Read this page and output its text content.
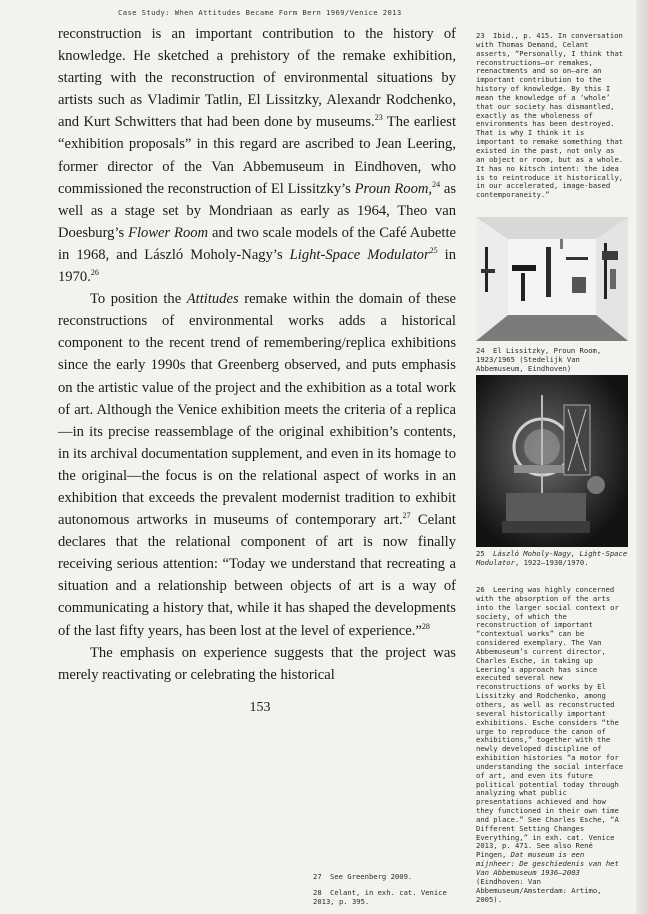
Case Study: When Attitudes Became Form Bern 1969/Venice 2013

reconstruction is an important contribution to the history of knowledge. He sketched a prehistory of the remake exhibition, starting with the reconstruction of environmental situations by artists such as Vladimir Tatlin, El Lissitzky, Alexandr Rodchenko, and Kurt Schwitters that had been done by museums.$^{23}$ The earliest “exhibition proposals” in this regard are ascribed to Jean Leering, former director of the Van Abbemuseum in Eindhoven, who commissioned the reconstruction of El Lissitzky’s Proun Room,$^{24}$ as well as a stage set by Mondriaan as early as 1964, Theo van Doesburg’s Flower Room and two scale models of the Café Aubette in 1968, and László Moholy-Nagy’s Light-Space Modulator$^{25}$ in 1970.26

To position the Attitudes remake within the domain of these reconstructions of environmental works adds a historical component to the recent trend of remembering/replica exhibitions since the early 1990s that Greenberg observed, and puts emphasis on the artistic value of the project and the exhibition as a total work of art. Although the Venice exhibition meets the criteria of a replica—in its precise reassemblage of the original exhibition’s contents, in its archival documentation supplement, and even in its homage to the original—the focus is on the relational aspect of works in an exhibition that exceeds the prevalent modernist tradition to exhibit autonomous artworks in museums of contemporary art.$^{27}$ Celant declares that the relational component of art is now finally receiving serious attention: “Today we understand that recreating a situation and a relationship between objects of art is a way of communicating a history that, while it has shaped the developments of the last fifty years, has been lost at the level of experience.”$^{28}$

The emphasis on experience suggests that the project was merely reactivating or celebrating the historical

153
23 Ibid., p. 415. In conversation with Thomas Demand, Celant asserts, “Personally, I think that reconstructions—or remakes, reenactments and so on—are an important contribution to the history of knowledge. By this I mean the knowledge of a ‘whole’ that our society has dismantled, exactly as the wholeness of environments has been destroyed. That is why I think it is important to remake something that existed in the past, not only as an object or room, but as a whole. It has no kitsch intent: the idea is to reintroduce it historically, in our accelerated, image-based contemporaneity.”
24 El Lissitzky, Proun Room, 1923/1965 (Stedelijk Van Abbemuseum, Eindhoven)
25 László Moholy-Nagy, Light-Space Modulator, 1922–1930/1970.
26 Leering was highly concerned with the absorption of the arts into the larger social context or society, of which the reconstruction of important “contextual works” can be considered exemplary. The Van Abbemuseum’s current director, Charles Esche, in taking up Leering’s approach has since executed several new reconstructions of works by El Lissitzky and Rodchenko, among others, as well as reconstructed several historically important exhibitions. Esche considers “the urge to reproduce the canon of exhibitions,” together with the newly developed discipline of exhibition histories “a motor for understanding the social interface of art, and even its future political potential today through analyzing what public presentations achieved and how they functioned in their own time and place.” See Charles Esche, “A Different Setting Changes Everything,” in exh. cat. Venice 2013, p. 471. See also René Pingen, Dat museum is een mijnheer: De geschiedenis van het Van Abbemuseum 1936–2003 (Eindhoven: Van Abbemuseum/Amsterdam: Artimo, 2005).
27 See Greenberg 2009.
28 Celant, in exh. cat. Venice 2013, p. 395.
